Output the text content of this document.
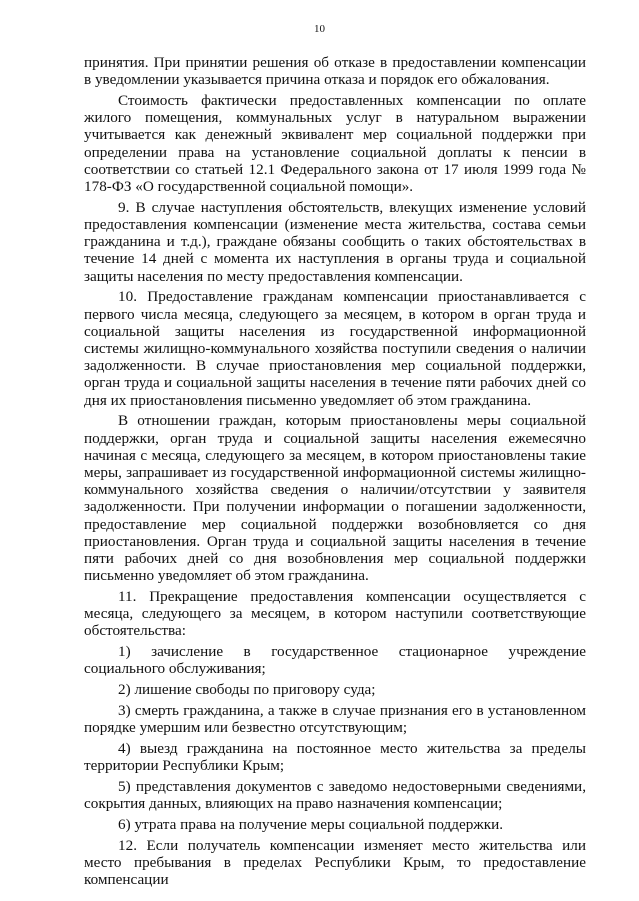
10

принятия. При принятии решения об отказе в предоставлении компенсации в уведомлении указывается причина отказа и порядок его обжалования.

Стоимость фактически предоставленных компенсации по оплате жилого помещения, коммунальных услуг в натуральном выражении учитывается как денежный эквивалент мер социальной поддержки при определении права на установление социальной доплаты к пенсии в соответствии со статьей 12.1 Федерального закона от 17 июля 1999 года № 178-ФЗ «О государственной социальной помощи».

9. В случае наступления обстоятельств, влекущих изменение условий предоставления компенсации (изменение места жительства, состава семьи гражданина и т.д.), граждане обязаны сообщить о таких обстоятельствах в течение 14 дней с момента их наступления в органы труда и социальной защиты населения по месту предоставления компенсации.

10. Предоставление гражданам компенсации приостанавливается с первого числа месяца, следующего за месяцем, в котором в орган труда и социальной защиты населения из государственной информационной системы жилищно-коммунального хозяйства поступили сведения о наличии задолженности. В случае приостановления мер социальной поддержки, орган труда и социальной защиты населения в течение пяти рабочих дней со дня их приостановления письменно уведомляет об этом гражданина.

В отношении граждан, которым приостановлены меры социальной поддержки, орган труда и социальной защиты населения ежемесячно начиная с месяца, следующего за месяцем, в котором приостановлены такие меры, запрашивает из государственной информационной системы жилищно-коммунального хозяйства сведения о наличии/отсутствии у заявителя задолженности. При получении информации о погашении задолженности, предоставление мер социальной поддержки возобновляется со дня приостановления. Орган труда и социальной защиты населения в течение пяти рабочих дней со дня возобновления мер социальной поддержки письменно уведомляет об этом гражданина.

11. Прекращение предоставления компенсации осуществляется с месяца, следующего за месяцем, в котором наступили соответствующие обстоятельства:

1) зачисление в государственное стационарное учреждение социального обслуживания;

2) лишение свободы по приговору суда;

3) смерть гражданина, а также в случае признания его в установленном порядке умершим или безвестно отсутствующим;

4) выезд гражданина на постоянное место жительства за пределы территории Республики Крым;

5) представления документов с заведомо недостоверными сведениями, сокрытия данных, влияющих на право назначения компенсации;

6) утрата права на получение меры социальной поддержки.

12. Если получатель компенсации изменяет место жительства или место пребывания в пределах Республики Крым, то предоставление компенсации
